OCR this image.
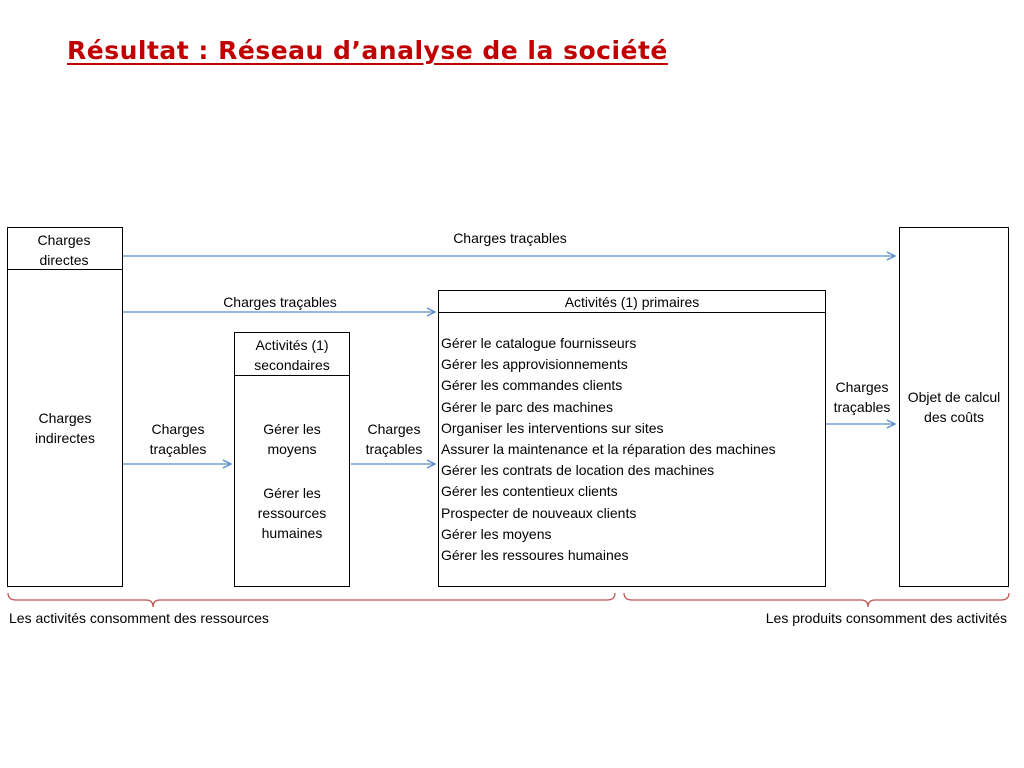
Résultat : Réseau d’analyse de la société
Charges directes
Charges indirectes
Activités (1) secondaires
Gérer les moyens
Gérer les ressources humaines
Activités (1) primaires
Gérer le catalogue fournisseurs
Gérer les approvisionnements
Gérer les commandes clients
Gérer le parc des machines
Organiser les interventions sur sites
Assurer la maintenance et la réparation des machines
Gérer les contrats de location des machines
Gérer les contentieux clients
Prospecter de nouveaux clients
Gérer les moyens
Gérer les ressoures humaines
Objet de calcul des coûts
Charges traçables
Charges traçables
Charges
traçables
Charges
traçables
Charges
traçables
Les activités consomment des ressources	Les produits consomment des activités
